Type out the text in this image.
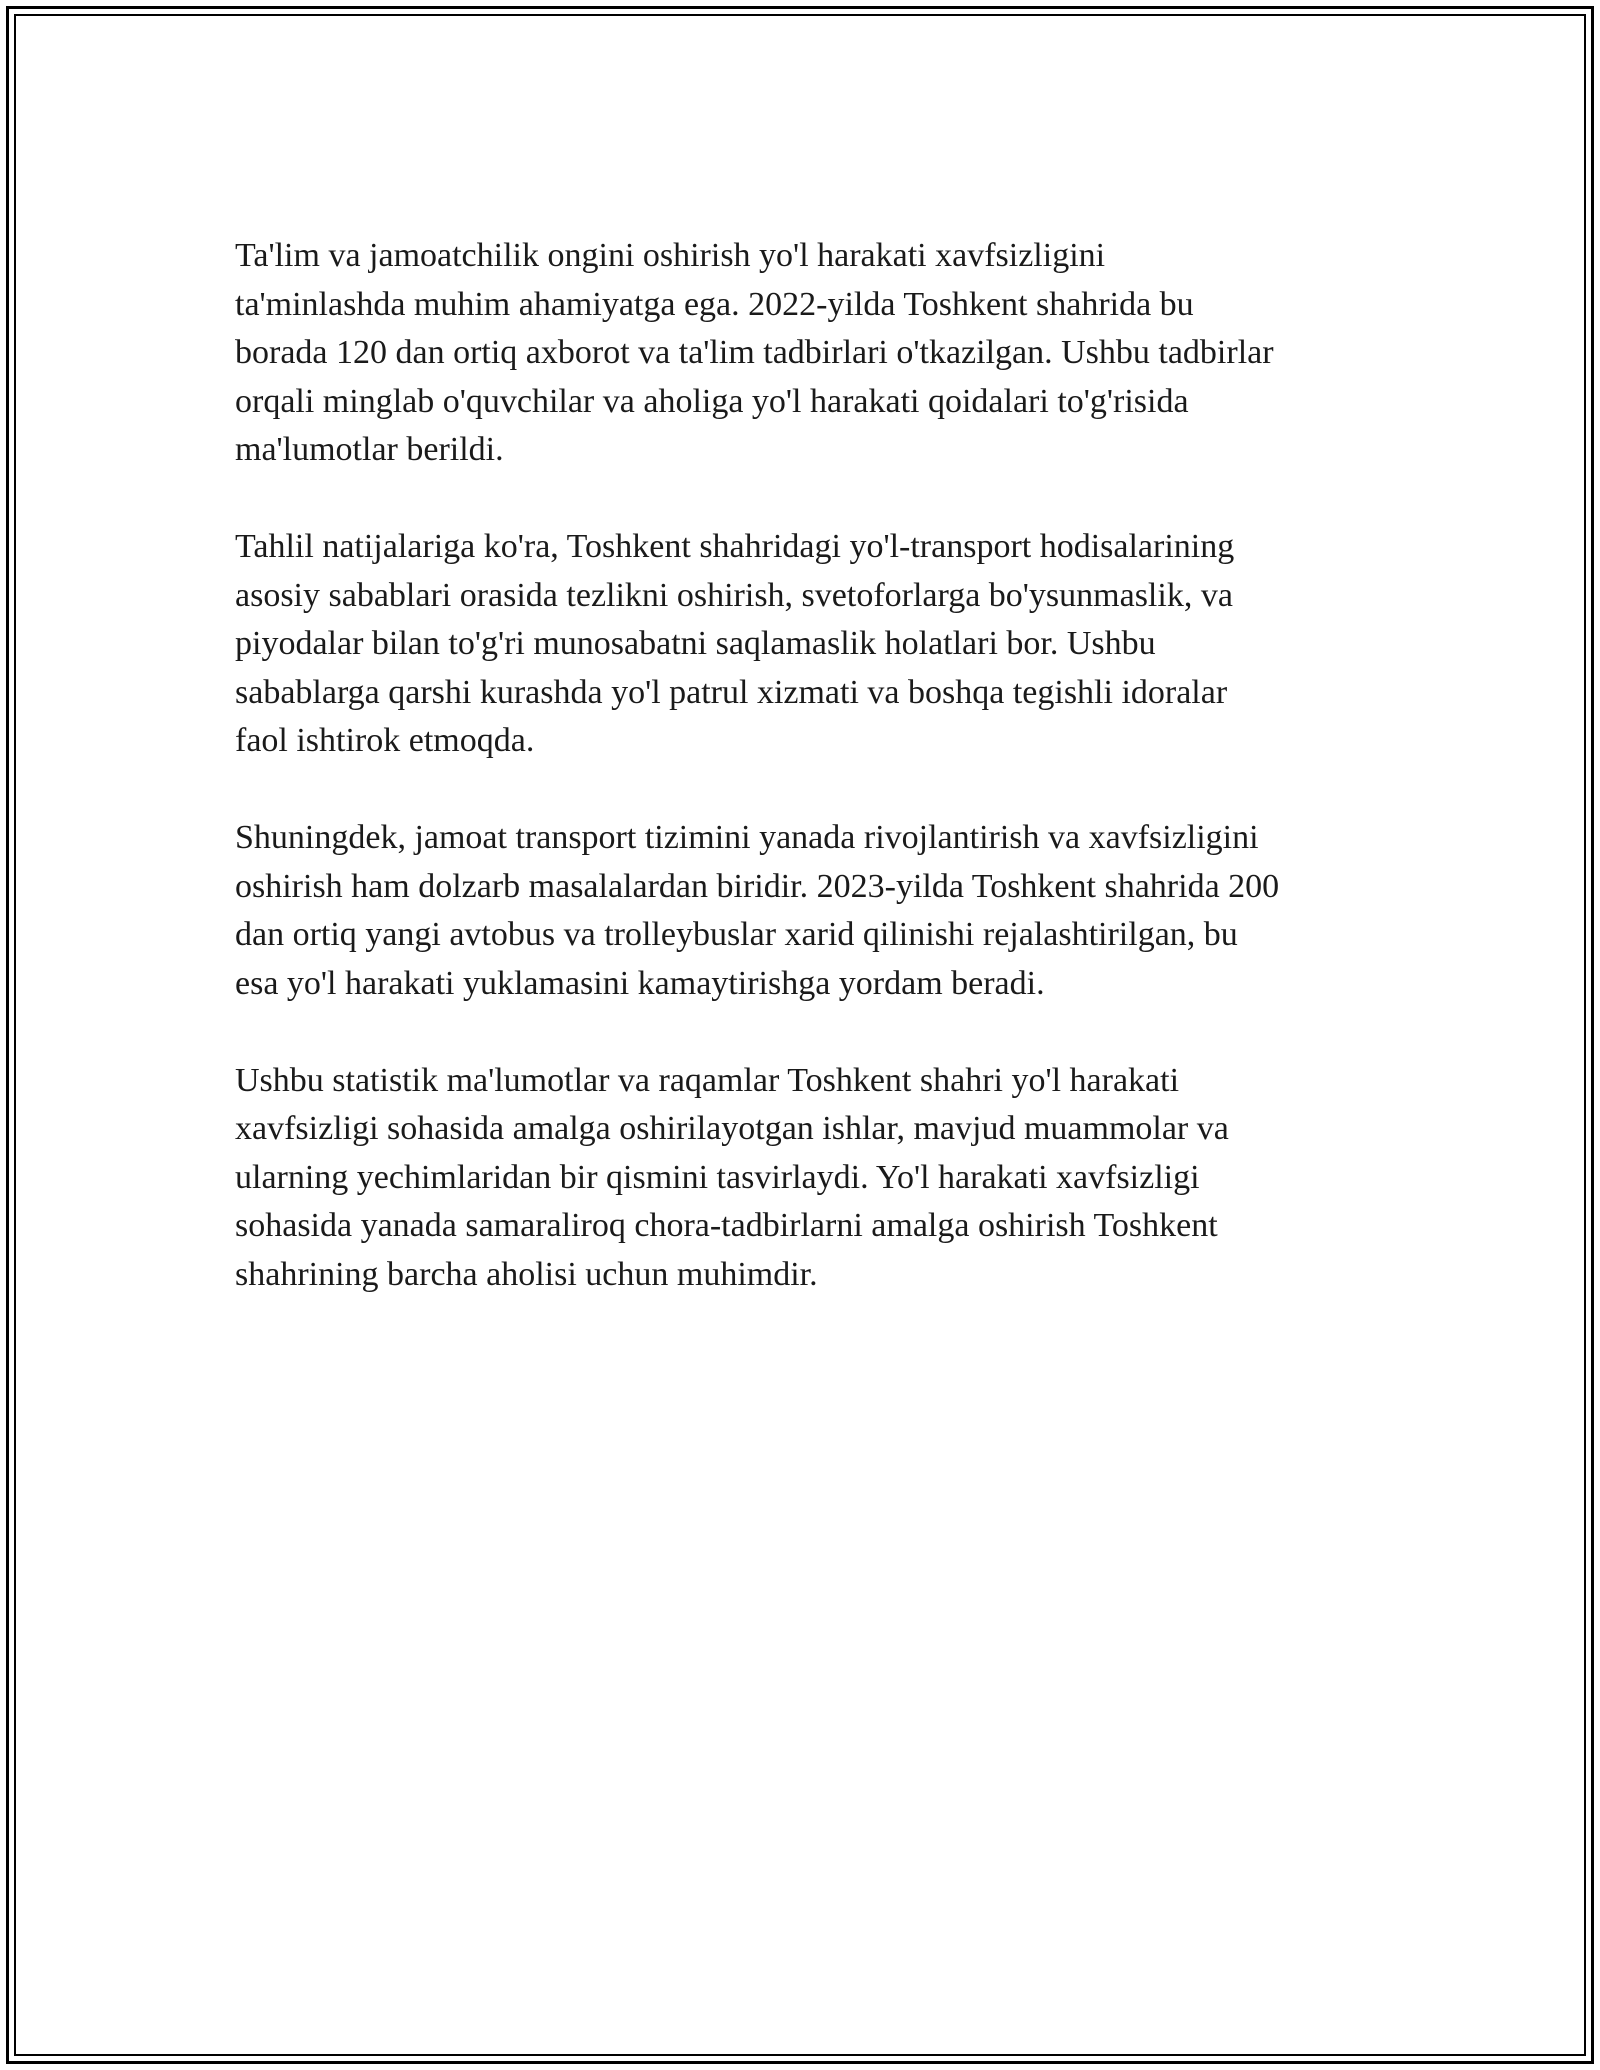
Ta'lim va jamoatchilik ongini oshirish yo'l harakati xavfsizligini
ta'minlashda muhim ahamiyatga ega. 2022-yilda Toshkent shahrida bu
borada 120 dan ortiq axborot va ta'lim tadbirlari o'tkazilgan. Ushbu tadbirlar
orqali minglab o'quvchilar va aholiga yo'l harakati qoidalari to'g'risida
ma'lumotlar berildi.

Tahlil natijalariga ko'ra, Toshkent shahridagi yo'l-transport hodisalarining
asosiy sabablari orasida tezlikni oshirish, svetoforlarga bo'ysunmaslik, va
piyodalar bilan to'g'ri munosabatni saqlamaslik holatlari bor. Ushbu
sabablarga qarshi kurashda yo'l patrul xizmati va boshqa tegishli idoralar
faol ishtirok etmoqda.

Shuningdek, jamoat transport tizimini yanada rivojlantirish va xavfsizligini
oshirish ham dolzarb masalalardan biridir. 2023-yilda Toshkent shahrida 200
dan ortiq yangi avtobus va trolleybuslar xarid qilinishi rejalashtirilgan, bu
esa yo'l harakati yuklamasini kamaytirishga yordam beradi.

Ushbu statistik ma'lumotlar va raqamlar Toshkent shahri yo'l harakati
xavfsizligi sohasida amalga oshirilayotgan ishlar, mavjud muammolar va
ularning yechimlaridan bir qismini tasvirlaydi. Yo'l harakati xavfsizligi
sohasida yanada samaraliroq chora-tadbirlarni amalga oshirish Toshkent
shahrining barcha aholisi uchun muhimdir.
